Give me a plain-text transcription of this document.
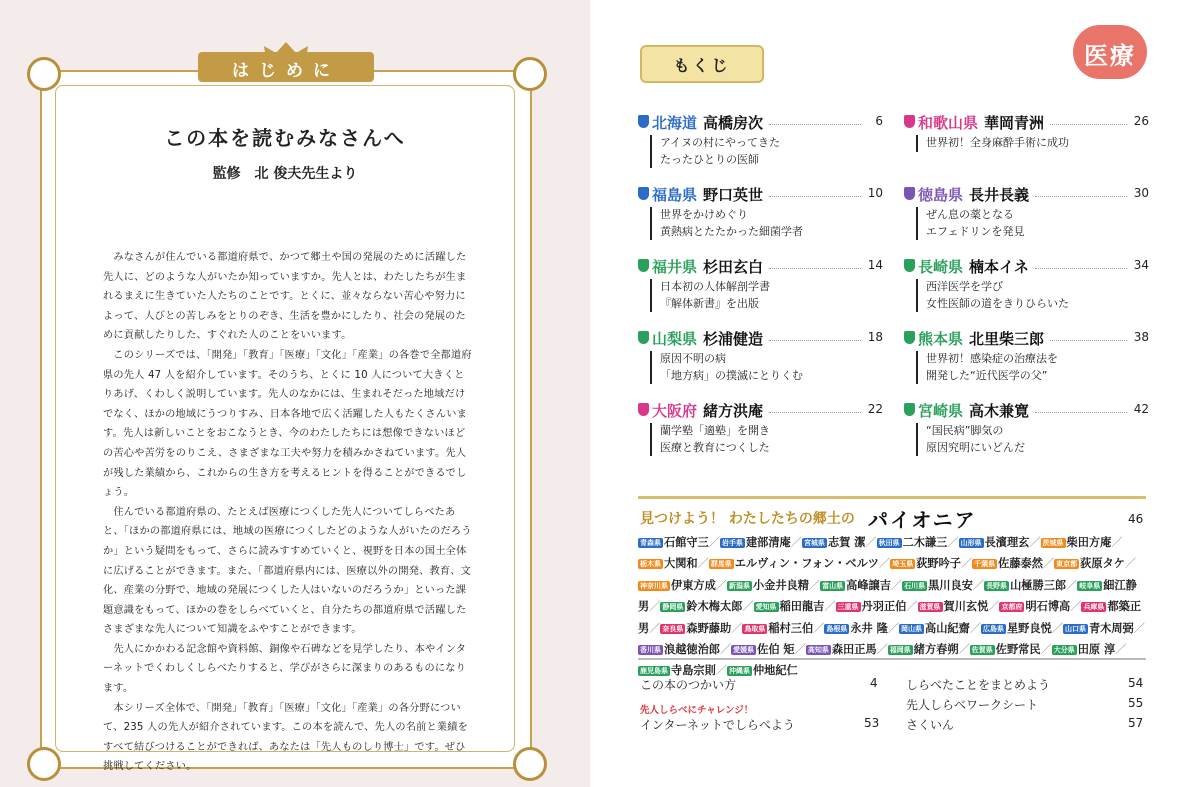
はじめに
この本を読むみなさんへ
監修　北 俊夫先生より

　みなさんが住んでいる都道府県で、かつて郷土や国の発展のために活躍した先人に、どのような人がいたか知っていますか。先人とは、わたしたちが生まれるまえに生きていた人たちのことです。とくに、並々ならない苦心や努力によって、人びとの苦しみをとりのぞき、生活を豊かにしたり、社会の発展のために貢献したりした、すぐれた人のことをいいます。

　このシリーズでは、「開発」「教育」「医療」「文化」「産業」の各巻で全都道府県の先人 47 人を紹介しています。そのうち、とくに 10 人について大きくとりあげ、くわしく説明しています。先人のなかには、生まれそだった地域だけでなく、ほかの地域にうつりすみ、日本各地で広く活躍した人もたくさんいます。先人は新しいことをおこなうとき、今のわたしたちには想像できないほどの苦心や苦労をのりこえ、さまざまな工夫や努力を積みかさねています。先人が残した業績から、これからの生き方を考えるヒントを得ることができるでしょう。

　住んでいる都道府県の、たとえば医療につくした先人についてしらべたあと、「ほかの都道府県には、地域の医療につくしたどのような人がいたのだろうか」という疑問をもって、さらに読みすすめていくと、視野を日本の国土全体に広げることができます。また、「都道府県内には、医療以外の開発、教育、文化、産業の分野で、地域の発展につくした人はいないのだろうか」といった課題意識をもって、ほかの巻をしらべていくと、自分たちの都道府県で活躍したさまざまな先人について知識をふやすことができます。

　先人にかかわる記念館や資料館、銅像や石碑などを見学したり、本やインターネットでくわしくしらべたりすると、学びがさらに深まりのあるものになります。

　本シリーズ全体で、「開発」「教育」「医療」「文化」「産業」の各分野について、235 人の先人が紹介されています。この本を読んで、先人の名前と業績をすべて結びつけることができれば、あなたは「先人ものしり博士」です。ぜひ挑戦してください。

もくじ	医療
北海道 高橋房次	6
アイヌの村にやってきた
たったひとりの医師
福島県 野口英世	10
世界をかけめぐり
黄熱病とたたかった細菌学者
福井県 杉田玄白	14
日本初の人体解剖学書
『解体新書』を出版
山梨県 杉浦健造	18
原因不明の病
「地方病」の撲滅にとりくむ
大阪府 緒方洪庵	22
蘭学塾「適塾」を開き
医療と教育につくした
和歌山県 華岡青洲	26
世界初！全身麻酔手術に成功
徳島県 長井長義	30
ぜん息の薬となる
エフェドリンを発見
長崎県 楠本イネ	34
西洋医学を学び
女性医師の道をきりひらいた
熊本県 北里柴三郎	38
世界初！感染症の治療法を
開発した“近代医学の父”
宮崎県 高木兼寛	42
“国民病”脚気の
原因究明にいどんだ
見つけよう！ わたしたちの郷土の パイオニア	46
青森県 石館守三／ 岩手県 建部清庵／ 宮城県 志賀 潔／ 秋田県 二木謙三／ 山形県 長濱理玄／ 茨城県 柴田方庵／栃木県 大関和／ 群馬県 エルヴィン・フォン・ベルツ／ 埼玉県 荻野吟子／ 千葉県 佐藤泰然／ 東京都 荻原タケ／神奈川県 伊東方成／ 新潟県 小金井良精／ 富山県 高峰譲吉／ 石川県 黒川良安／ 長野県 山極勝三郎／ 岐阜県 細江静男／ 静岡県 鈴木梅太郎／ 愛知県 稲田龍吉／ 三重県 丹羽正伯／ 滋賀県 賀川玄悦／ 京都府 明石博高／ 兵庫県 都築正男／ 奈良県 森野藤助／ 鳥取県 稲村三伯／ 島根県 永井 隆／ 岡山県 高山紀齋／ 広島県 星野良悦／ 山口県 青木周弼／香川県 浪越徳治郎／ 愛媛県 佐伯 矩／ 高知県 森田正馬／ 福岡県 緒方春朔／ 佐賀県 佐野常民／ 大分県 田原 淳／鹿児島県 寺島宗則／ 沖縄県 仲地紀仁
この本のつかい方	4
先人しらべにチャレンジ！
インターネットでしらべよう	53
しらべたことをまとめよう	54
先人しらべワークシート	55
さくいん	57
